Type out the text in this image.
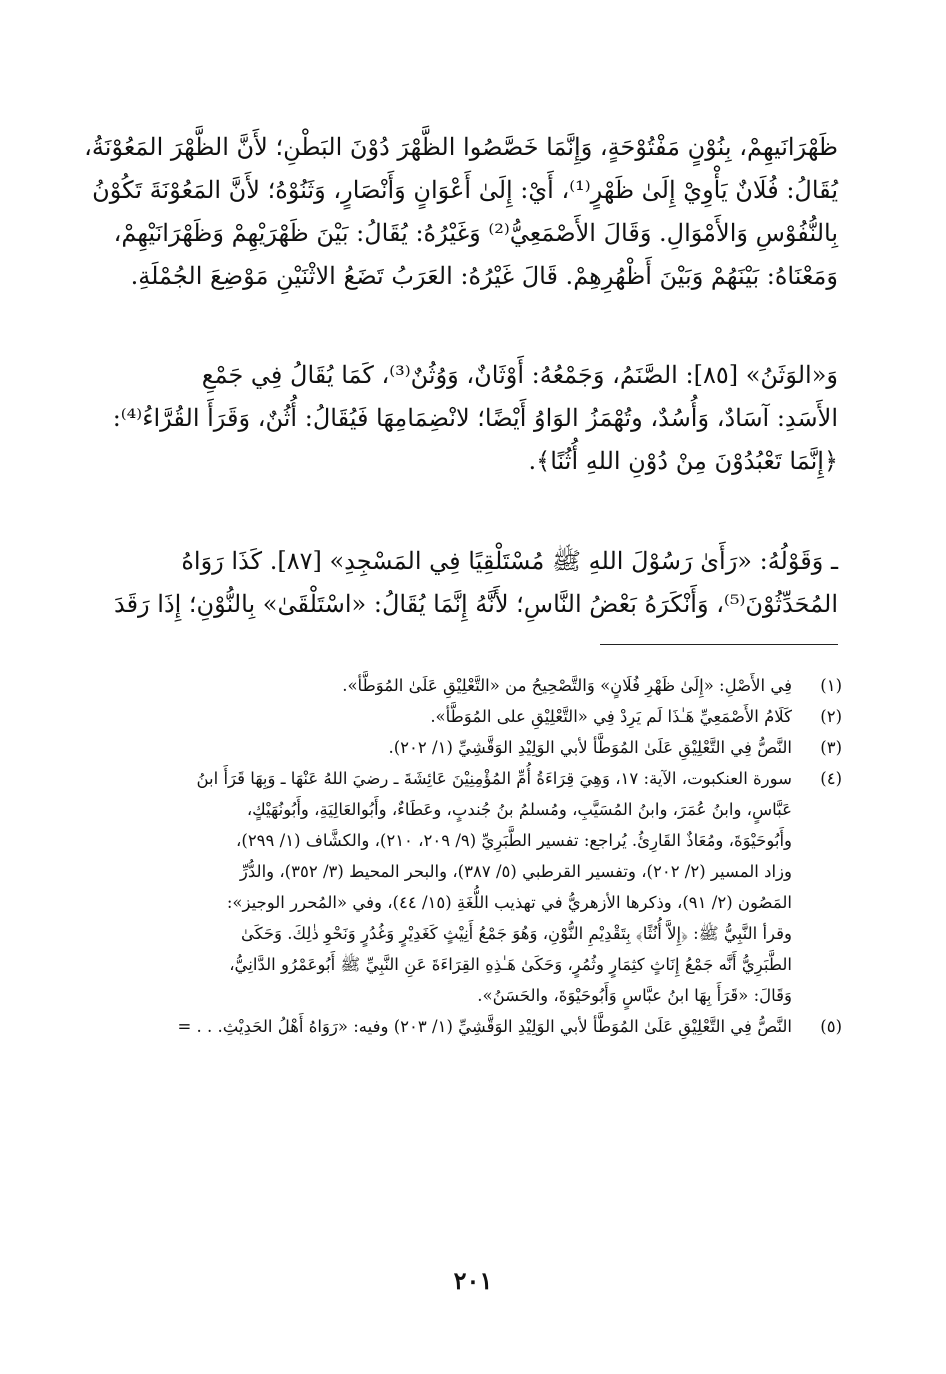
ظَهْرَانَيهِمْ، بِنُوْنٍ مَفْتُوْحَةٍ، وَإِنَّمَا خَصَّصُوا الظَّهْرَ دُوْنَ البَطْنِ؛ لأَنَّ الظَّهْرَ المَعُوْنَةُ،
يُقَالُ: فُلَانٌ يَأْوِيْ إِلَىٰ ظَهْرٍ⁽¹⁾، أَيْ: إِلَىٰ أَعْوَانٍ وَأَنْصَارٍ، وَثَنُوْهُ؛ لأَنَّ المَعُوْنَةَ تَكُوْنُ
بِالنُّفُوْسِ وَالأَمْوَالِ. وَقَالَ الأَصْمَعِيُّ⁽²⁾ وَغَيْرُهُ: يُقَالُ: بَيْنَ ظَهْرَيْهِمْ وَظَهْرَانَيْهِمْ،
وَمَعْنَاهُ: بَيْنَهُمْ وَبَيْنَ أَظْهُرِهِمْ. قَالَ غَيْرُهُ: العَرَبُ تَضَعُ الاثْنَيْنِ مَوْضِعَ الجُمْلَةِ.
وَ«الوَثَنُ» [٨٥]: الصَّنَمُ، وَجَمْعُهُ: أَوْثَانٌ، وَوُثُنٌ⁽³⁾، كَمَا يُقَالُ فِي جَمْعِ
الأَسَدِ: آسَادٌ، وَأُسُدٌ، وتُهْمَزُ الوَاوُ أَيْضًا؛ لانْضِمَامِهَا فَيُقَالُ: أُثُنٌ، وَقَرَأَ القُرَّاءُ⁽⁴⁾:
﴿إِنَّمَا تَعْبُدُوْنَ مِنْ دُوْنِ اللهِ أُثُنًا﴾.
ـ وَقَوْلُهُ: «رَأَىٰ رَسُوْلَ اللهِ ﷺ مُسْتَلْقِيًا فِي المَسْجِدِ» [٨٧]. كَذَا رَوَاهُ
المُحَدِّثُوْنَ⁽⁵⁾، وَأَنْكَرَهُ بَعْضُ النَّاسِ؛ لأَنَّهُ إِنَّمَا يُقَالُ: «اسْتَلْقَىٰ» بِالنُّوْنِ؛ إِذَا رَقَدَ
(١)
فِي الأَصْلِ: «إِلَىٰ ظَهْرِ فُلَانٍ» وَالتَّصْحِيحُ من «التَّعْلِيْقِ عَلَىٰ المُوَطَّأ».
(٢)
كَلَامُ الأَصْمَعِيِّ هَـٰذَا لَم يَرِدْ فِي «التَّعْلِيْقِ على المُوَطَّأ».
(٣)
النَّصُّ فِي التَّعْلِيْقِ عَلَىٰ المُوَطَّأ لأبي الوَلِيْدِ الوَقَّشِيِّ (١/ ٢٠٢).
(٤)
سورة العنكبوت، الآية: ١٧، وَهِيَ قِرَاءَةُ أُمِّ المُؤْمِنِيْنَ عَائِشَةَ ـ رضيَ اللهُ عَنْهَا ـ وَبِهَا قَرَأَ ابنُ
عَبَّاسٍ، وابنُ عُمَرَ، وابنُ المُسَيَّبِ، ومُسلمُ بنُ جُندبٍ، وعَطَاءٌ، وأَبُوالعَالِيَةِ، وأَبُونُهَيْكٍ،
وأَبُوحَيْوَةَ، ومُعَاذٌ القَارِئُ. يُراجع: تفسير الطَّبَرِيِّ (٩/ ٢٠٩، ٢١٠)، والكشَّاف (١/ ٢٩٩)،
وزاد المسير (٢/ ٢٠٢)، وتفسير القرطبي (٥/ ٣٨٧)، والبحر المحيط (٣/ ٣٥٢)، والدُّرِّ
المَصُون (٢/ ٩١)، وذكرها الأزهريُّ في تهذيب اللُّغَةِ (١٥/ ٤٤)، وفي «المُحرر الوجيز»:
وقرأ النَّبِيُّ ﷺ: ﴿إِلاَّ أُنُثًا﴾ بِتَقْدِيْمِ النُّوْنِ، وَهُوَ جَمْعُ أَنِيْثٍ كَغَدِيْرٍ وَغُدُرٍ وَنَحْوِ ذٰلِكَ. وَحَكَىٰ
الطَّبَرِيُّ أَنَّه جَمْعُ إِنَاثٍ كثِمَارٍ وثُمُرٍ، وَحَكَىٰ هَـٰذِهِ القِرَاءَةَ عَنِ النَّبِيِّ ﷺ أَبُوعَمْرُو الدَّانِيُّ،
وَقَالَ: «قَرَأَ بِهَا ابنُ عبَّاسٍ وَأَبُوحَيْوَةَ، والحَسَنُ».
(٥)
النَّصُّ فِي التَّعْلِيْقِ عَلَىٰ المُوَطَّأ لأبي الوَلِيْدِ الوَقَّشِيِّ (١/ ٢٠٣) وفيه: «رَوَاهُ أَهْلُ الحَدِيْثِ. . . =
٢٠١
